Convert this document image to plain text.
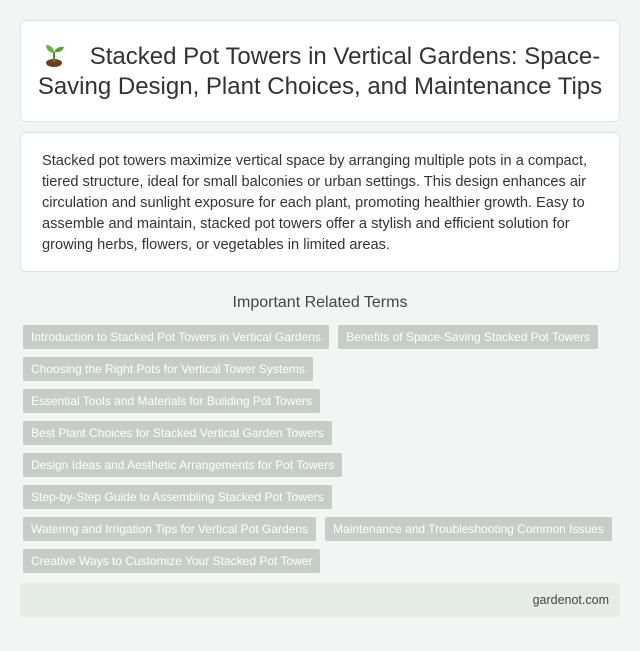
Stacked Pot Towers in Vertical Gardens: Space-Saving Design, Plant Choices, and Maintenance Tips

Stacked pot towers maximize vertical space by arranging multiple pots in a compact, tiered structure, ideal for small balconies or urban settings. This design enhances air circulation and sunlight exposure for each plant, promoting healthier growth. Easy to assemble and maintain, stacked pot towers offer a stylish and efficient solution for growing herbs, flowers, or vegetables in limited areas.

Important Related Terms
Introduction to Stacked Pot Towers in Vertical Gardens	Benefits of Space-Saving Stacked Pot Towers
Choosing the Right Pots for Vertical Tower Systems
Essential Tools and Materials for Building Pot Towers
Best Plant Choices for Stacked Vertical Garden Towers
Design Ideas and Aesthetic Arrangements for Pot Towers
Step-by-Step Guide to Assembling Stacked Pot Towers
Watering and Irrigation Tips for Vertical Pot Gardens	Maintenance and Troubleshooting Common Issues
Creative Ways to Customize Your Stacked Pot Tower
gardenot.com
